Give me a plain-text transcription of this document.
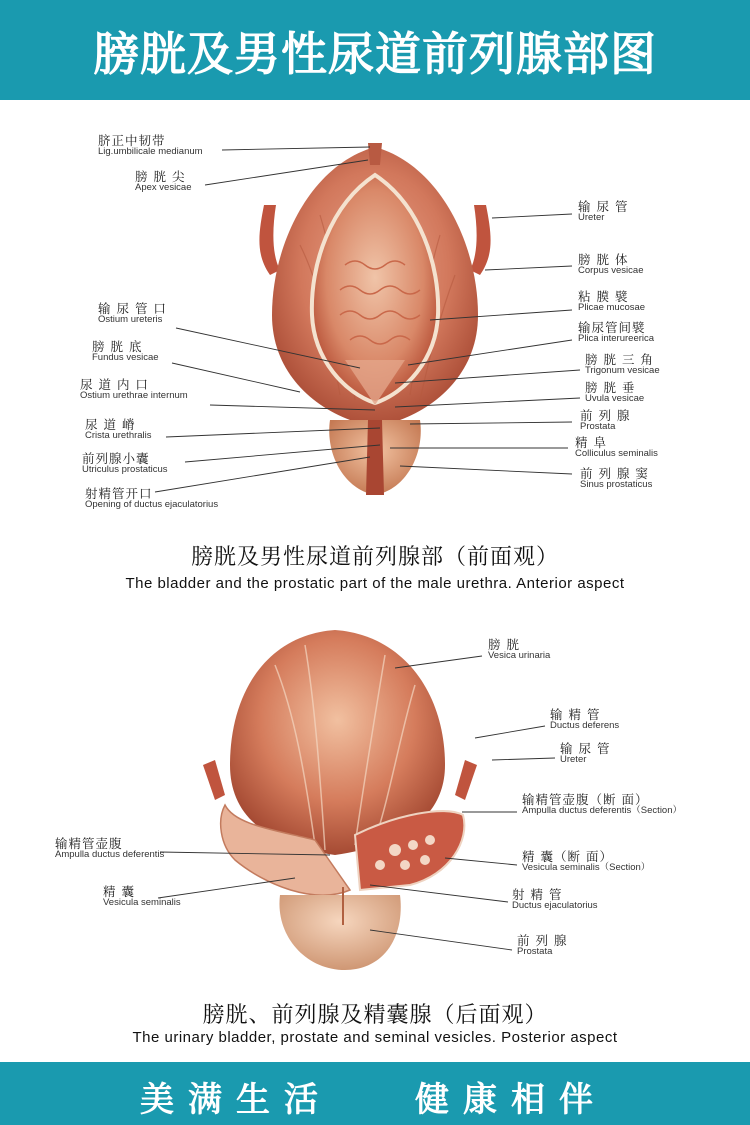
膀胱及男性尿道前列腺部图
脐正中韧带
Lig.umbilicale medianum
膀 胱 尖
Apex vesicae
输 尿 管 口
Ostium ureteris
膀 胱 底
Fundus vesicae
尿 道 内 口
Ostium urethrae internum
尿 道 嵴
Crista urethralis
前列腺小囊
Utriculus prostaticus
射精管开口
Opening of ductus ejaculatorius
输 尿 管
Ureter
膀 胱 体
Corpus vesicae
粘 膜 襞
Plicae mucosae
输尿管间襞
Plica interureerica
膀 胱 三 角
Trigonum vesicae
膀 胱 垂
Uvula vesicae
前 列 腺
Prostata
精 阜
Colliculus seminalis
前 列 腺 窦
Sinus prostaticus
膀胱及男性尿道前列腺部（前面观）
The bladder and the prostatic part of the male urethra. Anterior aspect
膀 胱
Vesica urinaria
输 精 管
Ductus deferens
输 尿 管
Ureter
输精管壶腹（断 面）
Ampulla ductus deferentis（Section）
精 囊（断 面）
Vesicula seminalis（Section）
射 精 管
Ductus ejaculatorius
前 列 腺
Prostata
输精管壶腹
Ampulla ductus deferentis
精 囊
Vesicula seminalis
膀胱、前列腺及精囊腺（后面观）
The urinary bladder, prostate and seminal vesicles. Posterior aspect
美满生活 健康相伴
